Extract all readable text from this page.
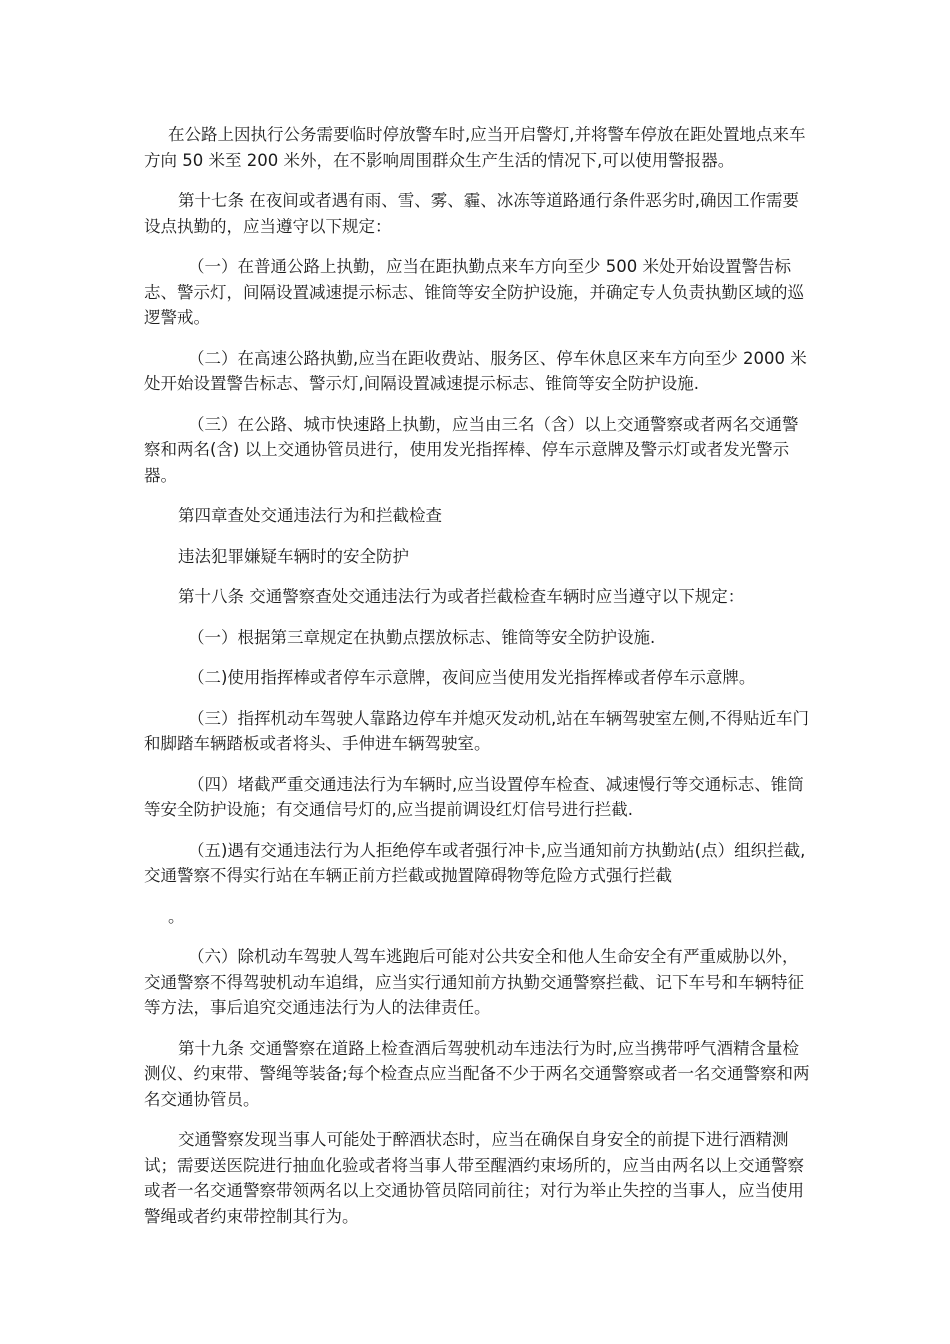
在公路上因执行公务需要临时停放警车时,应当开启警灯,并将警车停放在距处置地点来车方向 50 米至 200 米外，在不影响周围群众生产生活的情况下,可以使用警报器。

第十七条 在夜间或者遇有雨、雪、雾、霾、冰冻等道路通行条件恶劣时,确因工作需要设点执勤的，应当遵守以下规定：

（一）在普通公路上执勤，应当在距执勤点来车方向至少 500 米处开始设置警告标志、警示灯，间隔设置减速提示标志、锥筒等安全防护设施，并确定专人负责执勤区域的巡逻警戒。

（二）在高速公路执勤,应当在距收费站、服务区、停车休息区来车方向至少 2000 米处开始设置警告标志、警示灯,间隔设置减速提示标志、锥筒等安全防护设施.

（三）在公路、城市快速路上执勤，应当由三名（含）以上交通警察或者两名交通警察和两名(含) 以上交通协管员进行，使用发光指挥棒、停车示意牌及警示灯或者发光警示器。

第四章查处交通违法行为和拦截检查

违法犯罪嫌疑车辆时的安全防护

第十八条 交通警察查处交通违法行为或者拦截检查车辆时应当遵守以下规定：

（一）根据第三章规定在执勤点摆放标志、锥筒等安全防护设施.

（二)使用指挥棒或者停车示意牌，夜间应当使用发光指挥棒或者停车示意牌。

（三）指挥机动车驾驶人靠路边停车并熄灭发动机,站在车辆驾驶室左侧,不得贴近车门和脚踏车辆踏板或者将头、手伸进车辆驾驶室。

（四）堵截严重交通违法行为车辆时,应当设置停车检查、减速慢行等交通标志、锥筒等安全防护设施；有交通信号灯的,应当提前调设红灯信号进行拦截.

（五)遇有交通违法行为人拒绝停车或者强行冲卡,应当通知前方执勤站(点）组织拦截,交通警察不得实行站在车辆正前方拦截或抛置障碍物等危险方式强行拦截

。

（六）除机动车驾驶人驾车逃跑后可能对公共安全和他人生命安全有严重威胁以外，交通警察不得驾驶机动车追缉，应当实行通知前方执勤交通警察拦截、记下车号和车辆特征等方法，事后追究交通违法行为人的法律责任。

第十九条 交通警察在道路上检查酒后驾驶机动车违法行为时,应当携带呼气酒精含量检测仪、约束带、警绳等装备;每个检查点应当配备不少于两名交通警察或者一名交通警察和两名交通协管员。

交通警察发现当事人可能处于醉酒状态时，应当在确保自身安全的前提下进行酒精测试；需要送医院进行抽血化验或者将当事人带至醒酒约束场所的，应当由两名以上交通警察或者一名交通警察带领两名以上交通协管员陪同前往；对行为举止失控的当事人，应当使用警绳或者约束带控制其行为。
